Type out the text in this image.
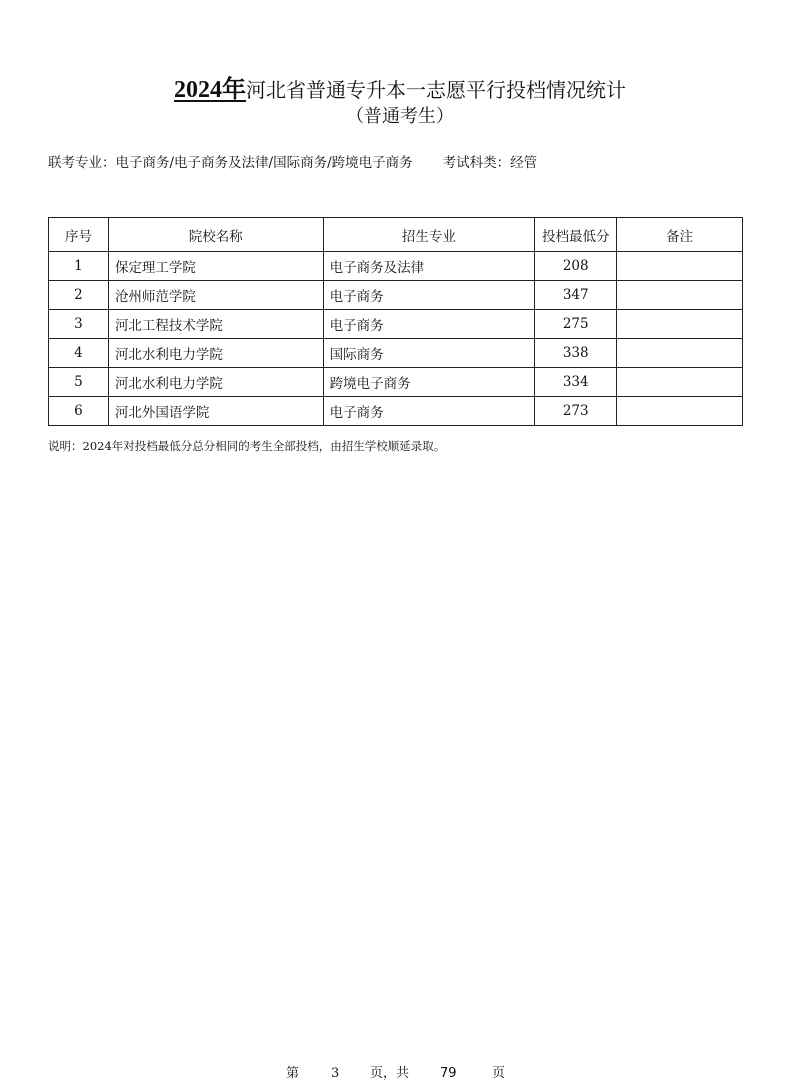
2024年河北省普通专升本一志愿平行投档情况统计
（普通考生）
联考专业：电子商务/电子商务及法律/国际商务/跨境电子商务 考试科类：经管
序号	院校名称	招生专业	投档最低分	备注
1	保定理工学院	电子商务及法律	208	
2	沧州师范学院	电子商务	347	
3	河北工程技术学院	电子商务	275	
4	河北水利电力学院	国际商务	338	
5	河北水利电力学院	跨境电子商务	334	
6	河北外国语学院	电子商务	273	
说明：2024年对投档最低分总分相同的考生全部投档，由招生学校顺延录取。
第 3 页，共 79	页
